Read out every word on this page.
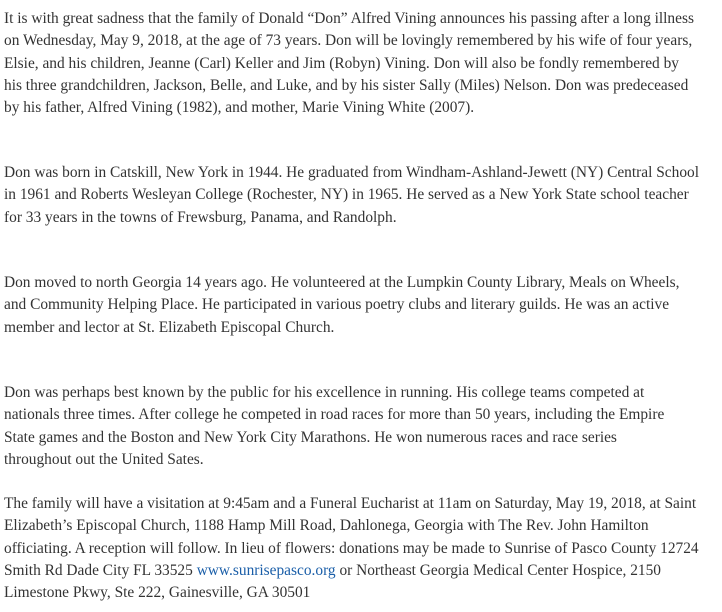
It is with great sadness that the family of Donald “Don” Alfred Vining announces his passing after a long illness
on Wednesday, May 9, 2018, at the age of 73 years. Don will be lovingly remembered by his wife of four years,
Elsie, and his children, Jeanne (Carl) Keller and Jim (Robyn) Vining. Don will also be fondly remembered by
his three grandchildren, Jackson, Belle, and Luke, and by his sister Sally (Miles) Nelson. Don was predeceased
by his father, Alfred Vining (1982), and mother, Marie Vining White (2007).

Don was born in Catskill, New York in 1944. He graduated from Windham-Ashland-Jewett (NY) Central School
in 1961 and Roberts Wesleyan College (Rochester, NY) in 1965. He served as a New York State school teacher
for 33 years in the towns of Frewsburg, Panama, and Randolph.

Don moved to north Georgia 14 years ago. He volunteered at the Lumpkin County Library, Meals on Wheels,
and Community Helping Place. He participated in various poetry clubs and literary guilds. He was an active
member and lector at St. Elizabeth Episcopal Church.

Don was perhaps best known by the public for his excellence in running. His college teams competed at
nationals three times. After college he competed in road races for more than 50 years, including the Empire
State games and the Boston and New York City Marathons. He won numerous races and race series
throughout out the United Sates.

The family will have a visitation at 9:45am and a Funeral Eucharist at 11am on Saturday, May 19, 2018, at Saint
Elizabeth’s Episcopal Church, 1188 Hamp Mill Road, Dahlonega, Georgia with The Rev. John Hamilton
officiating. A reception will follow. In lieu of flowers: donations may be made to Sunrise of Pasco County 12724
Smith Rd Dade City FL 33525 www.sunrisepasco.org or Northeast Georgia Medical Center Hospice, 2150
Limestone Pkwy, Ste 222, Gainesville, GA 30501
